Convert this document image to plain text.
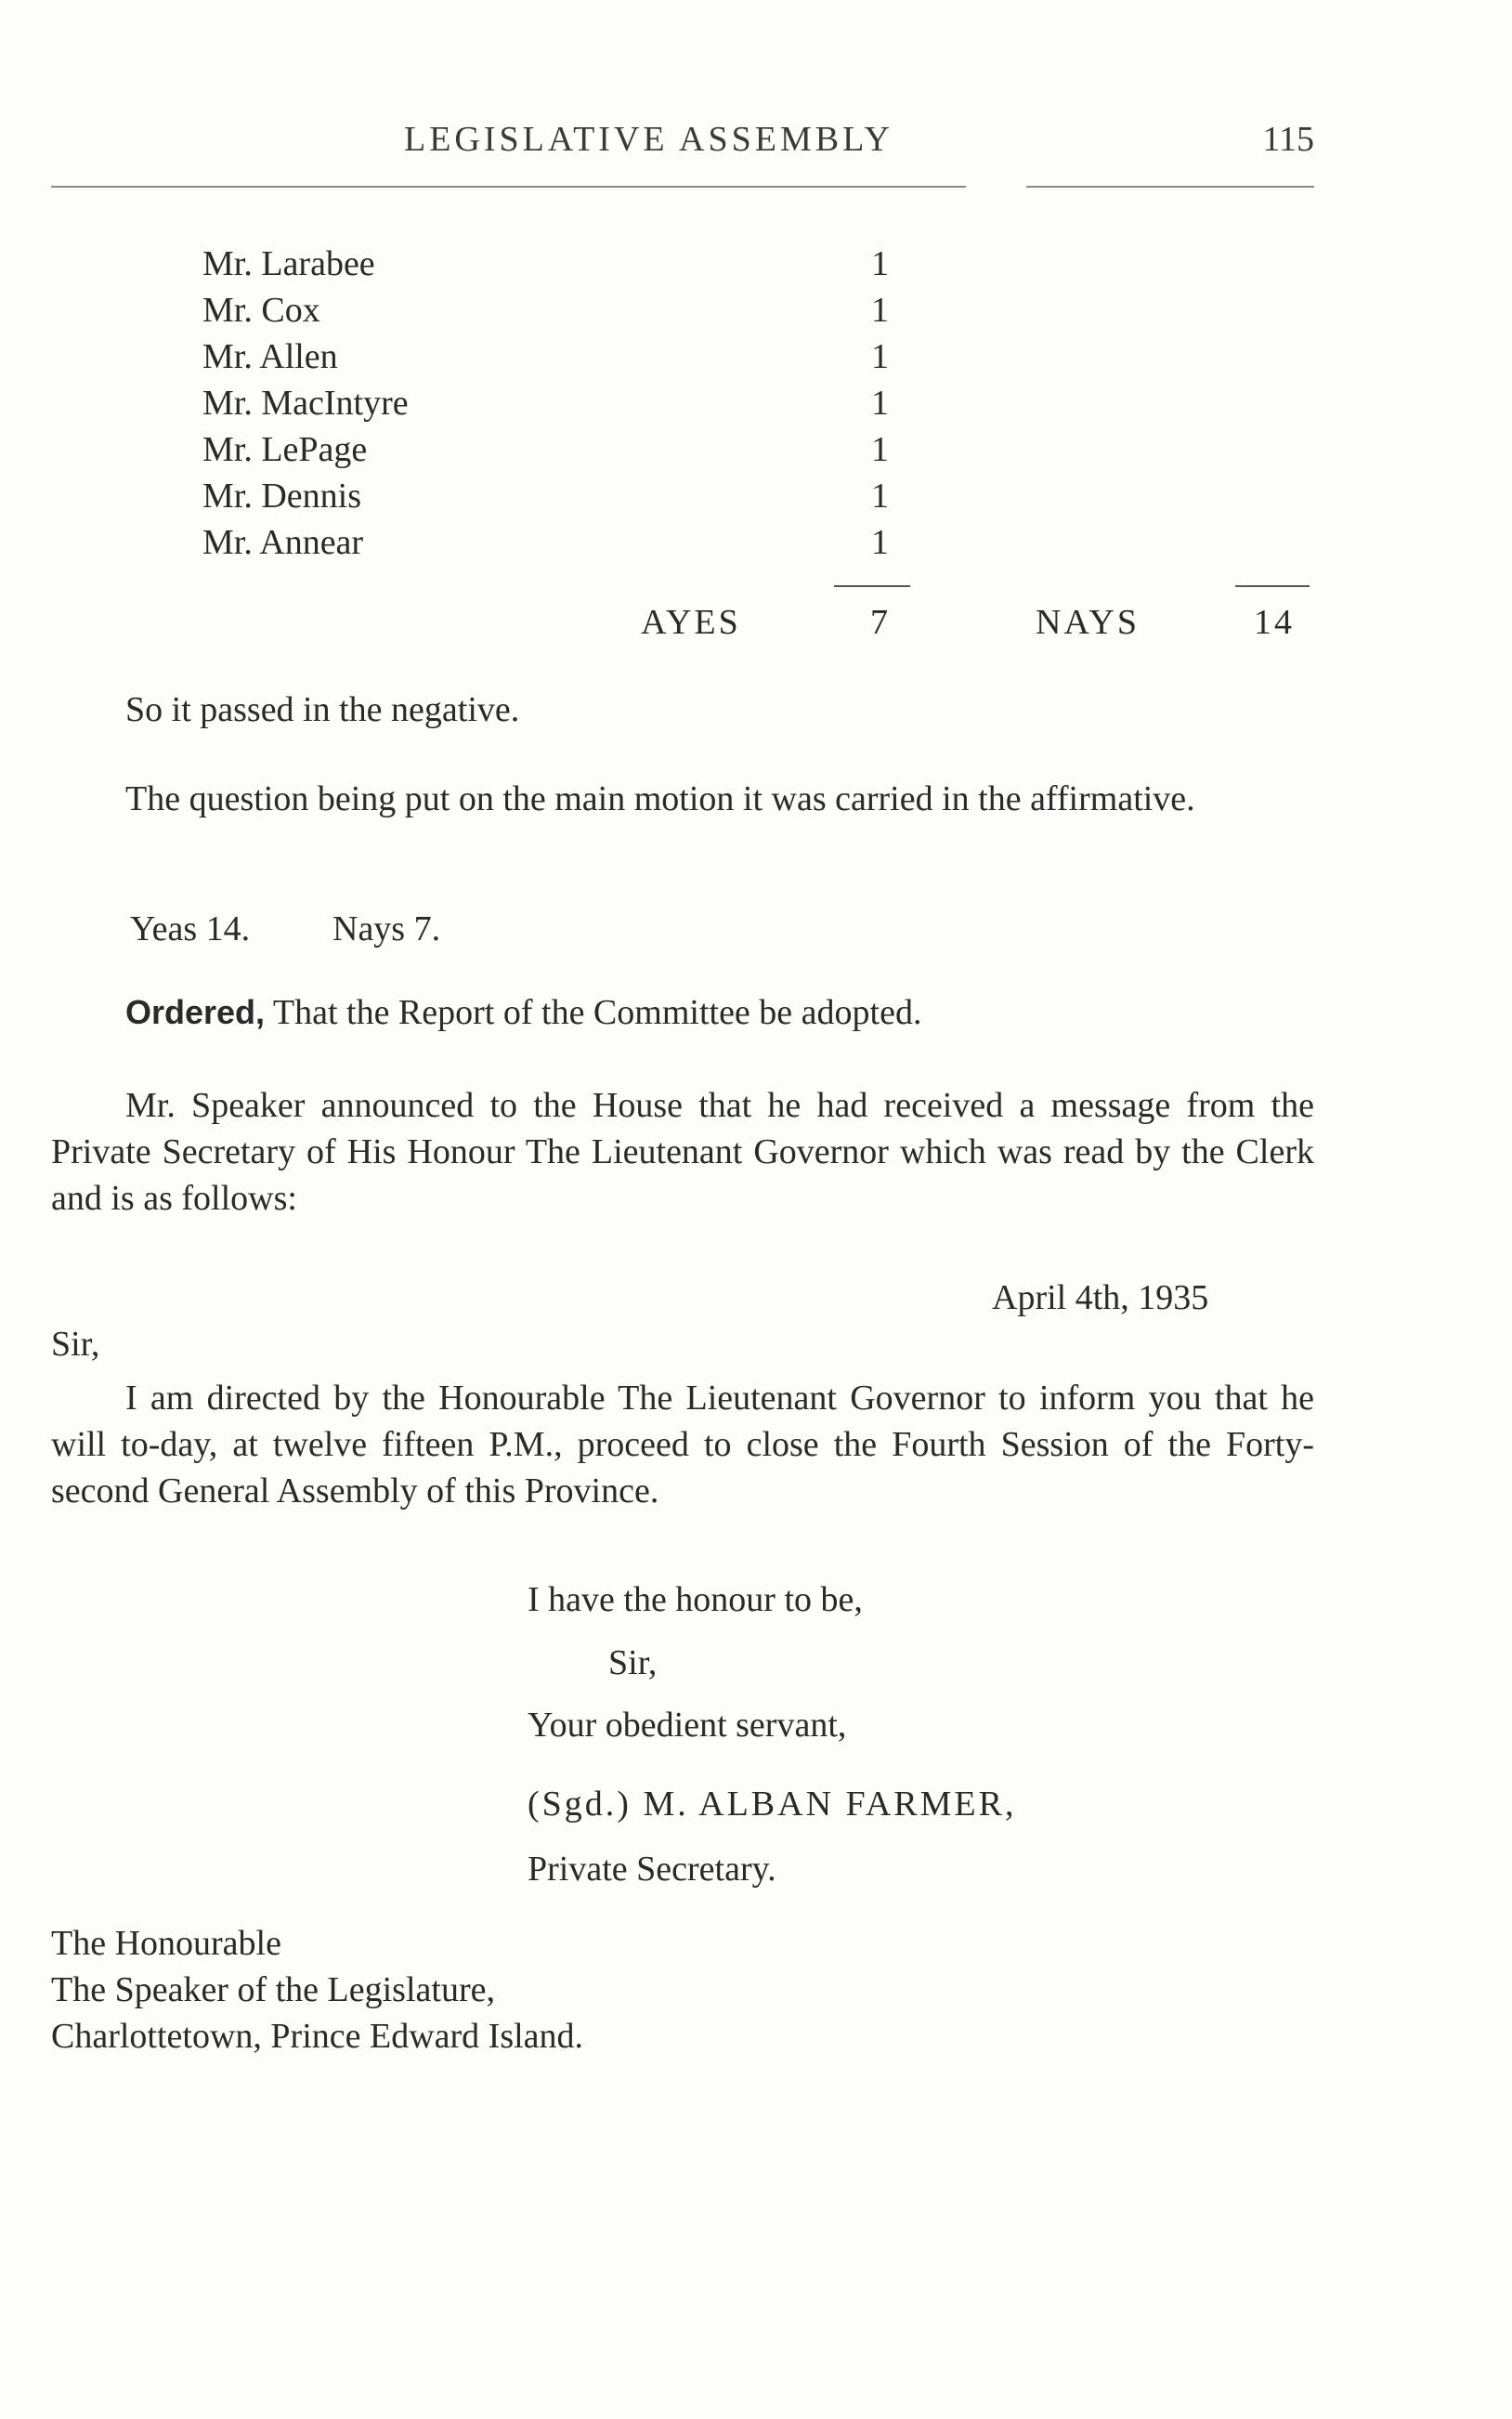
LEGISLATIVE ASSEMBLY	115
Mr. Larabee	1
Mr. Cox	1
Mr. Allen	1
Mr. MacIntyre	1
Mr. LePage	1
Mr. Dennis	1
Mr. Annear	1
AYES	7	NAYS	14
So it passed in the negative.
The question being put on the main motion it was carried in the affirmative.
Yeas 14. Nays 7.
Ordered, That the Report of the Committee be adopted.
Mr. Speaker announced to the House that he had received a message from the Private Secretary of His Honour The Lieutenant Governor which was read by the Clerk and is as follows:
April 4th, 1935
Sir,
I am directed by the Honourable The Lieutenant Governor to inform you that he will to-day, at twelve fifteen P.M., proceed to close the Fourth Session of the Forty-second General Assembly of this Province.
I have the honour to be,
Sir,
Your obedient servant,
(Sgd.) M. ALBAN FARMER,
Private Secretary.
The Honourable
The Speaker of the Legislature,
Charlottetown, Prince Edward Island.
